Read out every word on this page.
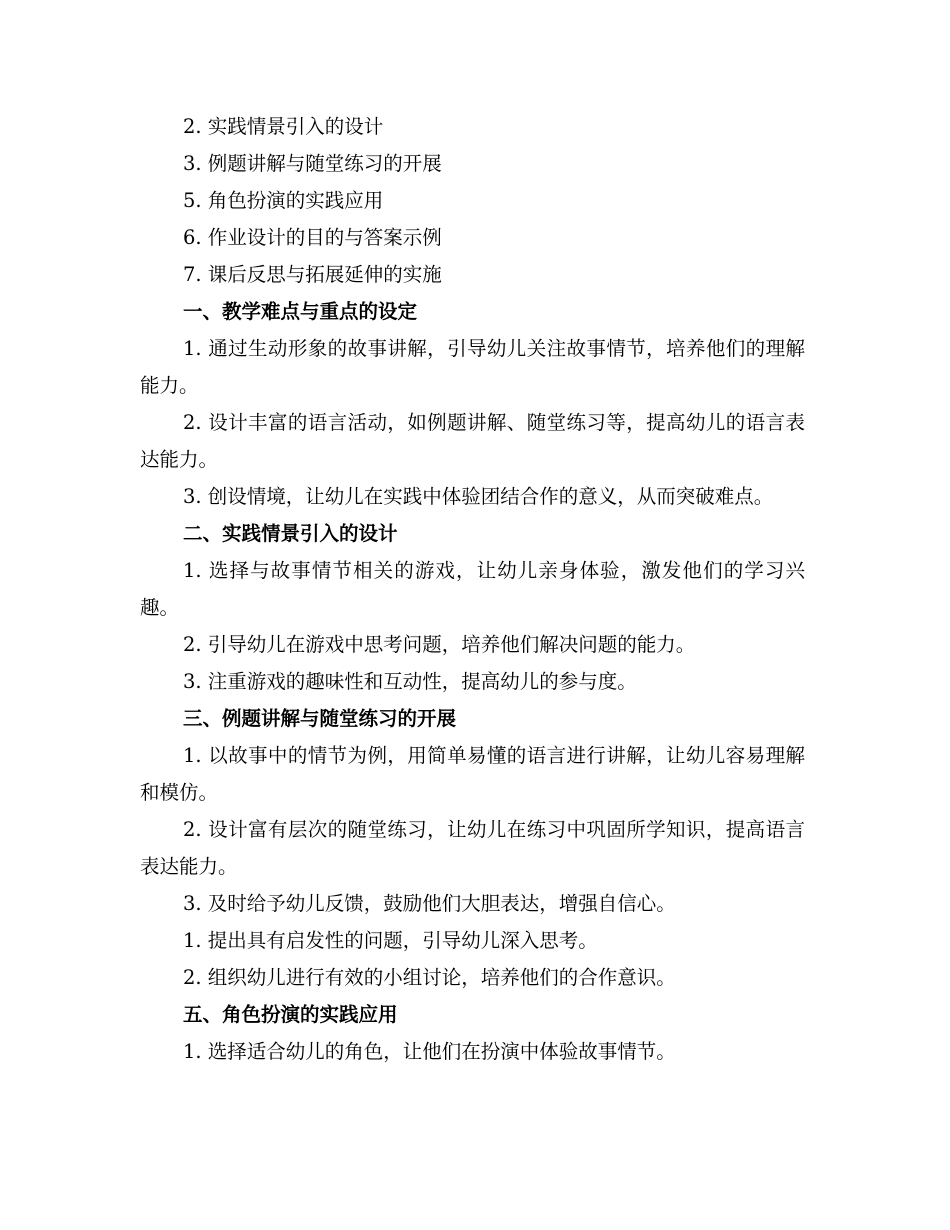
2. 实践情景引入的设计

3. 例题讲解与随堂练习的开展

5. 角色扮演的实践应用

6. 作业设计的目的与答案示例

7. 课后反思与拓展延伸的实施

一、教学难点与重点的设定

1. 通过生动形象的故事讲解，引导幼儿关注故事情节，培养他们的理解能力。

2. 设计丰富的语言活动，如例题讲解、随堂练习等，提高幼儿的语言表达能力。

3. 创设情境，让幼儿在实践中体验团结合作的意义，从而突破难点。

二、实践情景引入的设计

1. 选择与故事情节相关的游戏，让幼儿亲身体验，激发他们的学习兴趣。

2. 引导幼儿在游戏中思考问题，培养他们解决问题的能力。

3. 注重游戏的趣味性和互动性，提高幼儿的参与度。

三、例题讲解与随堂练习的开展

1. 以故事中的情节为例，用简单易懂的语言进行讲解，让幼儿容易理解和模仿。

2. 设计富有层次的随堂练习，让幼儿在练习中巩固所学知识，提高语言表达能力。

3. 及时给予幼儿反馈，鼓励他们大胆表达，增强自信心。

1. 提出具有启发性的问题，引导幼儿深入思考。

2. 组织幼儿进行有效的小组讨论，培养他们的合作意识。

五、角色扮演的实践应用

1. 选择适合幼儿的角色，让他们在扮演中体验故事情节。
